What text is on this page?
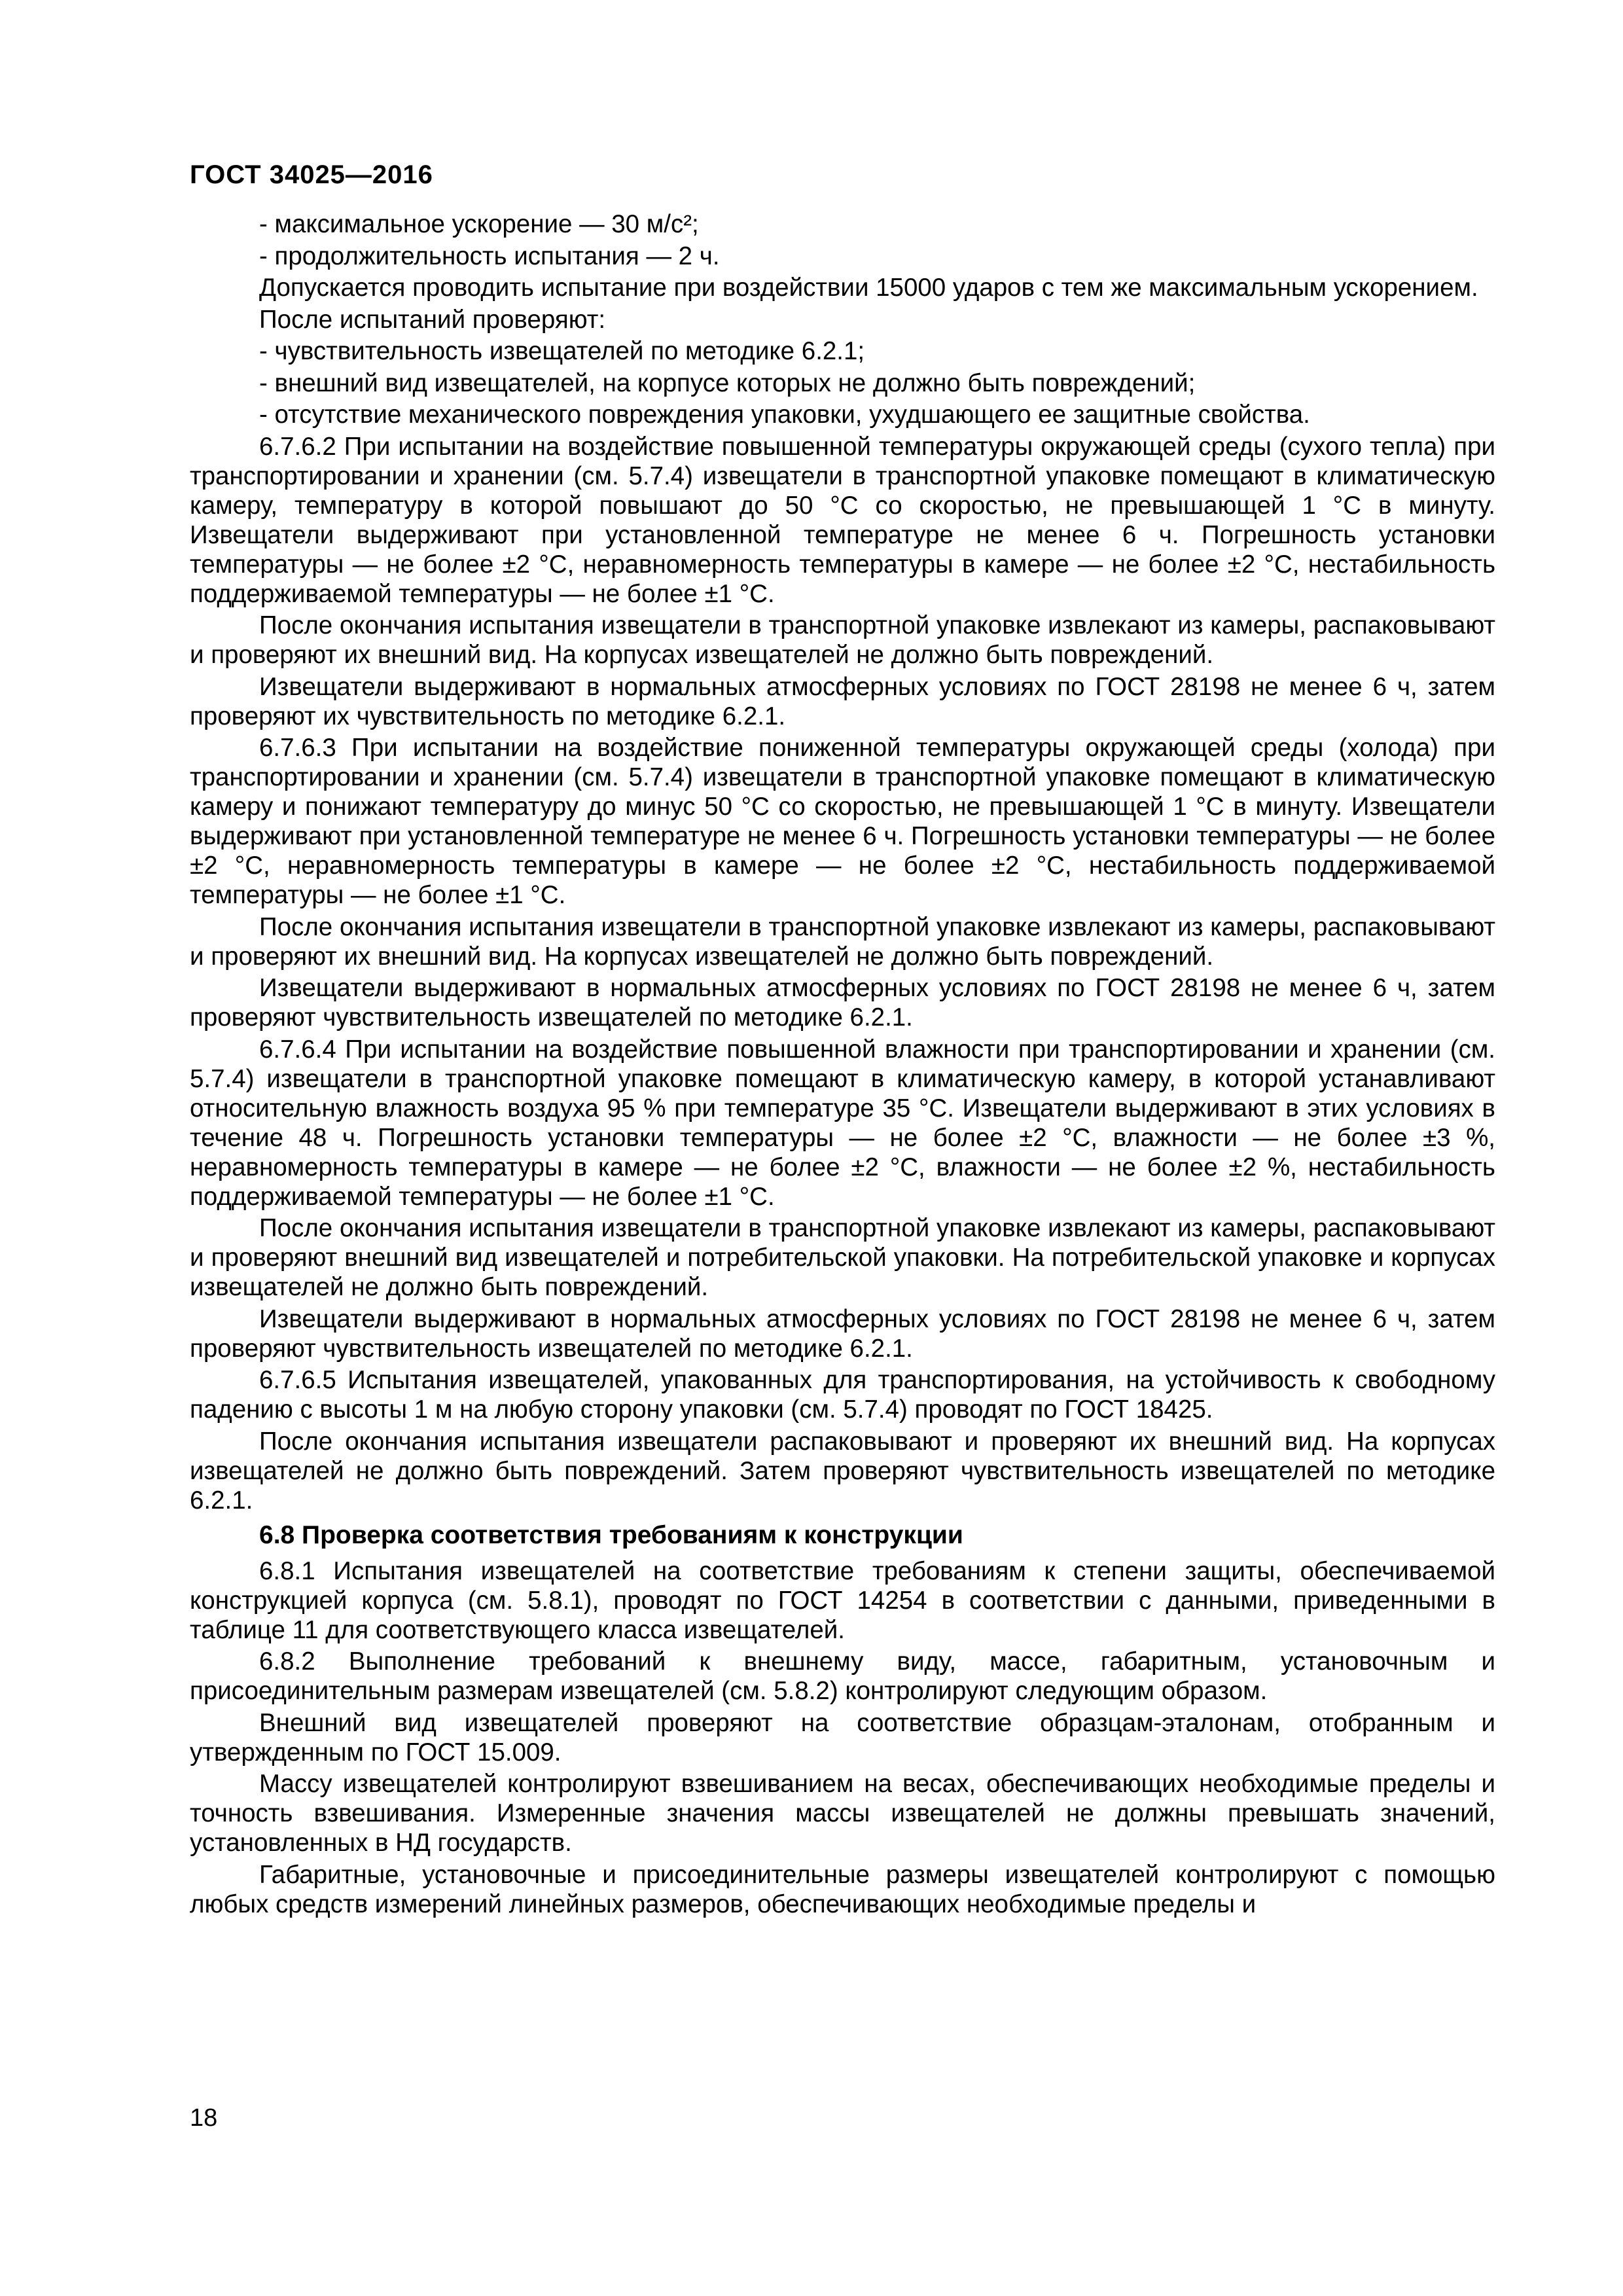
ГОСТ 34025—2016

- максимальное ускорение — 30 м/с²;

- продолжительность испытания — 2 ч.

Допускается проводить испытание при воздействии 15000 ударов с тем же максимальным ускорением.

После испытаний проверяют:

- чувствительность извещателей по методике 6.2.1;

- внешний вид извещателей, на корпусе которых не должно быть повреждений;

- отсутствие механического повреждения упаковки, ухудшающего ее защитные свойства.

6.7.6.2 При испытании на воздействие повышенной температуры окружающей среды (сухого тепла) при транспортировании и хранении (см. 5.7.4) извещатели в транспортной упаковке помещают в климатическую камеру, температуру в которой повышают до 50 °С со скоростью, не превышающей 1 °С в минуту. Извещатели выдерживают при установленной температуре не менее 6 ч. Погрешность установки температуры — не более ±2 °С, неравномерность температуры в камере — не более ±2 °С, нестабильность поддерживаемой температуры — не более ±1 °С.

После окончания испытания извещатели в транспортной упаковке извлекают из камеры, распаковывают и проверяют их внешний вид. На корпусах извещателей не должно быть повреждений.

Извещатели выдерживают в нормальных атмосферных условиях по ГОСТ 28198 не менее 6 ч, затем проверяют их чувствительность по методике 6.2.1.

6.7.6.3 При испытании на воздействие пониженной температуры окружающей среды (холода) при транспортировании и хранении (см. 5.7.4) извещатели в транспортной упаковке помещают в климатическую камеру и понижают температуру до минус 50 °С со скоростью, не превышающей 1 °С в минуту. Извещатели выдерживают при установленной температуре не менее 6 ч. Погрешность установки температуры — не более ±2 °С, неравномерность температуры в камере — не более ±2 °С, нестабильность поддерживаемой температуры — не более ±1 °С.

После окончания испытания извещатели в транспортной упаковке извлекают из камеры, распаковывают и проверяют их внешний вид. На корпусах извещателей не должно быть повреждений.

Извещатели выдерживают в нормальных атмосферных условиях по ГОСТ 28198 не менее 6 ч, затем проверяют чувствительность извещателей по методике 6.2.1.

6.7.6.4 При испытании на воздействие повышенной влажности при транспортировании и хранении (см. 5.7.4) извещатели в транспортной упаковке помещают в климатическую камеру, в которой устанавливают относительную влажность воздуха 95 % при температуре 35 °С. Извещатели выдерживают в этих условиях в течение 48 ч. Погрешность установки температуры — не более ±2 °С, влажности — не более ±3 %, неравномерность температуры в камере — не более ±2 °С, влажности — не более ±2 %, нестабильность поддерживаемой температуры — не более ±1 °С.

После окончания испытания извещатели в транспортной упаковке извлекают из камеры, распаковывают и проверяют внешний вид извещателей и потребительской упаковки. На потребительской упаковке и корпусах извещателей не должно быть повреждений.

Извещатели выдерживают в нормальных атмосферных условиях по ГОСТ 28198 не менее 6 ч, затем проверяют чувствительность извещателей по методике 6.2.1.

6.7.6.5 Испытания извещателей, упакованных для транспортирования, на устойчивость к свободному падению с высоты 1 м на любую сторону упаковки (см. 5.7.4) проводят по ГОСТ 18425.

После окончания испытания извещатели распаковывают и проверяют их внешний вид. На корпусах извещателей не должно быть повреждений. Затем проверяют чувствительность извещателей по методике 6.2.1.

6.8 Проверка соответствия требованиям к конструкции

6.8.1 Испытания извещателей на соответствие требованиям к степени защиты, обеспечиваемой конструкцией корпуса (см. 5.8.1), проводят по ГОСТ 14254 в соответствии с данными, приведенными в таблице 11 для соответствующего класса извещателей.

6.8.2 Выполнение требований к внешнему виду, массе, габаритным, установочным и присоединительным размерам извещателей (см. 5.8.2) контролируют следующим образом.

Внешний вид извещателей проверяют на соответствие образцам-эталонам, отобранным и утвержденным по ГОСТ 15.009.

Массу извещателей контролируют взвешиванием на весах, обеспечивающих необходимые пределы и точность взвешивания. Измеренные значения массы извещателей не должны превышать значений, установленных в НД государств.

Габаритные, установочные и присоединительные размеры извещателей контролируют с помощью любых средств измерений линейных размеров, обеспечивающих необходимые пределы и

18
